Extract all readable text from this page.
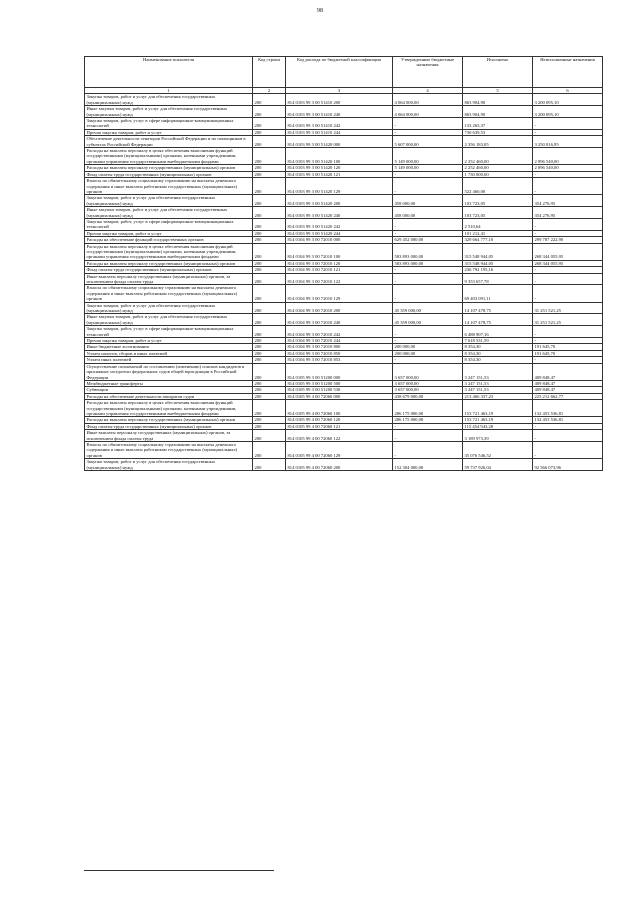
98
Наименование показателя	Код строки	Код расхода по бюджетной классификации	Утвержденные бюджетные назначения	Исполнено	Неисполненные назначения
1	2	3	4	5	6
Закупка товаров, работ и услуг для обеспечения государственных (муниципальных) нужд	200	814 0103 99 3 00 51410 200	4 064 000,00	863 904,90	3 200 095,10
Иные закупки товаров, работ и услуг для обеспечения государственных (муниципальных) нужд	200	814 0103 99 3 00 51410 240	4 064 000,00	863 904,90	3 200 095,10
Закупка товаров, работ, услуг в сфере информационно-коммуникационных технологий	200	814 0103 99 3 00 51410 242	-	133 265,37	-
Прочая закупка товаров, работ и услуг	200	814 0103 99 3 00 51410 244	-	730 639,53	-
Обеспечение деятельности сенаторов Российской Федерации и их помощников в субъектах Российской Федерации	200	814 0103 99 3 00 51420 000	5 607 000,00	2 356 183,05	3 250 816,95
Расходы на выплаты персоналу в целях обеспечения выполнения функций государственными (муниципальными) органами, казенными учреждениями, органами управления государственными внебюджетными фондами	200	814 0103 99 3 00 51420 100	5 149 000,00	2 252 460,00	2 896 540,00
Расходы на выплаты персоналу государственных (муниципальных) органов	200	814 0103 99 3 00 51420 120	5 149 000,00	2 252 460,00	2 896 540,00
Фонд оплаты труда государственных (муниципальных) органов	200	814 0103 99 3 00 51420 121	-	1 730 000,00	-
Взносы по обязательному социальному страхованию на выплаты денежного содержания и иные выплаты работникам государственных (муниципальных) органов	200	814 0103 99 3 00 51420 129	-	522 460,00	-
Закупка товаров, работ и услуг для обеспечения государственных (муниципальных) нужд	200	814 0103 99 3 00 51420 200	458 000,00	103 723,05	354 276,95
Иные закупки товаров, работ и услуг для обеспечения государственных (муниципальных) нужд	200	814 0103 99 3 00 51420 240	458 000,00	103 723,05	354 276,95
Закупка товаров, работ, услуг в сфере информационно-коммуникационных технологий	200	814 0103 99 3 00 51420 242	-	2 510,64	-
Прочая закупка товаров, работ и услуг	200	814 0103 99 3 00 51420 244	-	101 212,41	-
Расходы на обеспечение функций государственных органов	200	814 0104 99 3 00 72010 000	629 452 000,00	329 664 777,10	299 787 222,90
Расходы на выплаты персоналу в целях обеспечения выполнения функций государственными (муниципальными) органами, казенными учреждениями, органами управления государственными внебюджетными фондами	200	814 0104 99 3 00 72010 100	583 893 000,00	315 548 944,05	268 344 055,95
Расходы на выплаты персоналу государственных (муниципальных) органов	200	814 0104 99 3 00 72010 120	583 893 000,00	315 548 944,05	268 344 055,95
Фонд оплаты труда государственных (муниципальных) органов	200	814 0104 99 3 00 72010 121	-	236 792 195,16	-
Иные выплаты персоналу государственных (муниципальных) органов, за исключением фонда оплаты труда	200	814 0104 99 3 00 72010 122	-	9 353 657,78	-
Взносы по обязательному социальному страхованию на выплаты денежного содержания и иные выплаты работникам государственных (муниципальных) органов	200	814 0104 99 3 00 72010 129	-	69 403 091,11	-
Закупка товаров, работ и услуг для обеспечения государственных (муниципальных) нужд	200	814 0104 99 3 00 72010 200	45 359 000,00	14 107 478,75	31 251 521,25
Иные закупки товаров, работ и услуг для обеспечения государственных (муниципальных) нужд	200	814 0104 99 3 00 72010 240	45 359 000,00	14 107 478,75	31 251 521,25
Закупка товаров, работ, услуг в сфере информационно-коммуникационных технологий	200	814 0104 99 3 00 72010 242	-	6 488 907,16	-
Прочая закупка товаров, работ и услуг	200	814 0104 99 3 00 72010 244	-	7 618 531,59	-
Иные бюджетные ассигнования	200	814 0104 99 3 00 72010 800	200 000,00	8 354,30	191 645,70
Уплата налогов, сборов и иных платежей	200	814 0104 99 3 00 72010 850	200 000,00	8 354,30	191 645,70
Уплата иных платежей	200	814 0104 99 3 00 72010 853	-	8 354,30	-
Осуществление полномочий по составлению (изменению) списков кандидатов в присяжные заседатели федеральных судов общей юрисдикции в Российской Федерации	200	814 0105 99 3 00 51200 000	3 657 000,00	3 247 151,53	409 848,47
Межбюджетные трансферты	200	814 0105 99 3 00 51200 500	3 657 000,00	3 247 151,53	409 848,47
Субвенции	200	814 0105 99 3 00 51200 530	3 657 000,00	3 247 151,53	409 848,47
Расходы на обеспечение деятельности аппаратов судов	200	814 0105 99 4 00 72060 000	438 679 000,00	213 466 337,23	225 212 662,77
Расходы на выплаты персоналу в целях обеспечения выполнения функций государственными (муниципальными) органами, казенными учреждениями, органами управления государственными внебюджетными фондами	200	814 0105 99 4 00 72060 100	286 175 000,00	153 721 463,19	132 453 536,81
Расходы на выплаты персоналу государственных (муниципальных) органов	200	814 0105 99 4 00 72060 120	286 175 000,00	153 721 463,19	132 453 536,81
Фонд оплаты труда государственных (муниципальных) органов	200	814 0105 99 4 00 72060 121	-	115 454 943,28	-
Иные выплаты персоналу государственных (муниципальных) органов, за исключением фонда оплаты труда	200	814 0105 99 4 00 72060 122	-	3 189 973,39	-
Взносы по обязательному социальному страхованию на выплаты денежного содержания и иные выплаты работникам государственных (муниципальных) органов	200	814 0105 99 4 00 72060 129	-	35 076 546,52	-
Закупка товаров, работ и услуг для обеспечения государственных (муниципальных) нужд	200	814 0105 99 4 00 72060 200	152 304 000,00	59 737 926,04	92 566 073,96
